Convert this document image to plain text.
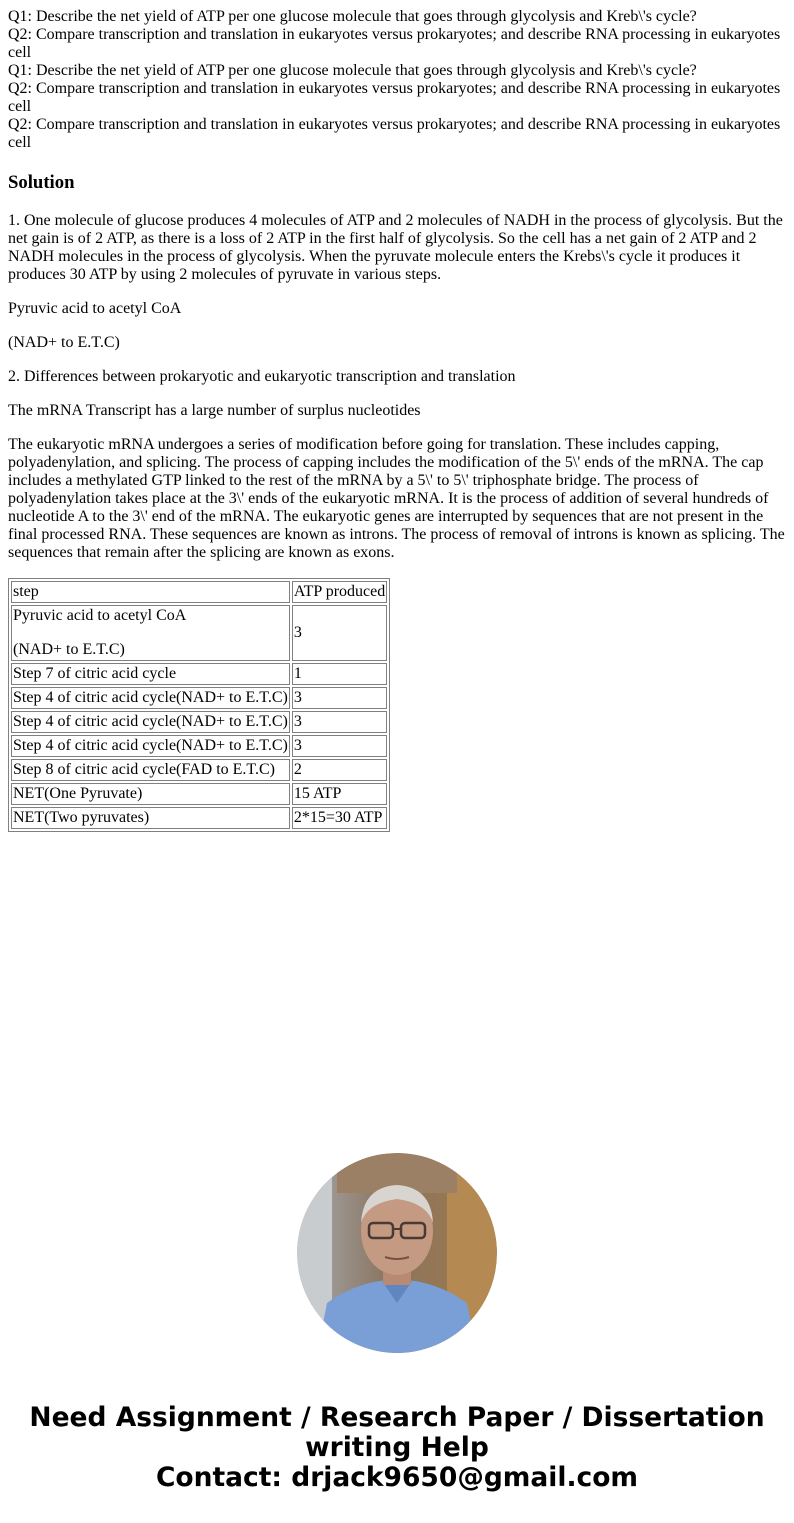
Q1: Describe the net yield of ATP per one glucose molecule that goes through glycolysis and Kreb\'s cycle?
Q2: Compare transcription and translation in eukaryotes versus prokaryotes; and describe RNA processing in eukaryotes cell
Q1: Describe the net yield of ATP per one glucose molecule that goes through glycolysis and Kreb\'s cycle?
Q2: Compare transcription and translation in eukaryotes versus prokaryotes; and describe RNA processing in eukaryotes cell
Q2: Compare transcription and translation in eukaryotes versus prokaryotes; and describe RNA processing in eukaryotes cell
Solution

1. One molecule of glucose produces 4 molecules of ATP and 2 molecules of NADH in the process of glycolysis. But the net gain is of 2 ATP, as there is a loss of 2 ATP in the first half of glycolysis. So the cell has a net gain of 2 ATP and 2 NADH molecules in the process of glycolysis. When the pyruvate molecule enters the Krebs\'s cycle it produces it produces 30 ATP by using 2 molecules of pyruvate in various steps.

Pyruvic acid to acetyl CoA

(NAD+ to E.T.C)

2. Differences between prokaryotic and eukaryotic transcription and translation

The mRNA Transcript has a large number of surplus nucleotides

The eukaryotic mRNA undergoes a series of modification before going for translation. These includes capping, polyadenylation, and splicing. The process of capping includes the modification of the 5\' ends of the mRNA. The cap includes a methylated GTP linked to the rest of the mRNA by a 5\' to 5\' triphosphate bridge. The process of polyadenylation takes place at the 3\' ends of the eukaryotic mRNA. It is the process of addition of several hundreds of nucleotide A to the 3\' end of the mRNA. The eukaryotic genes are interrupted by sequences that are not present in the final processed RNA. These sequences are known as introns. The process of removal of introns is known as splicing. The sequences that remain after the splicing are known as exons.

step	ATP produced

Pyruvic acid to acetyl CoA

(NAD+ to E.T.C)	3
Step 7 of citric acid cycle	1
Step 4 of citric acid cycle(NAD+ to E.T.C)	3
Step 4 of citric acid cycle(NAD+ to E.T.C)	3
Step 4 of citric acid cycle(NAD+ to E.T.C)	3
Step 8 of citric acid cycle(FAD to E.T.C)	2
NET(One Pyruvate)	15 ATP
NET(Two pyruvates)	2*15=30 ATP
Need Assignment / Research Paper / Dissertation writing Help
Contact: drjack9650@gmail.com
